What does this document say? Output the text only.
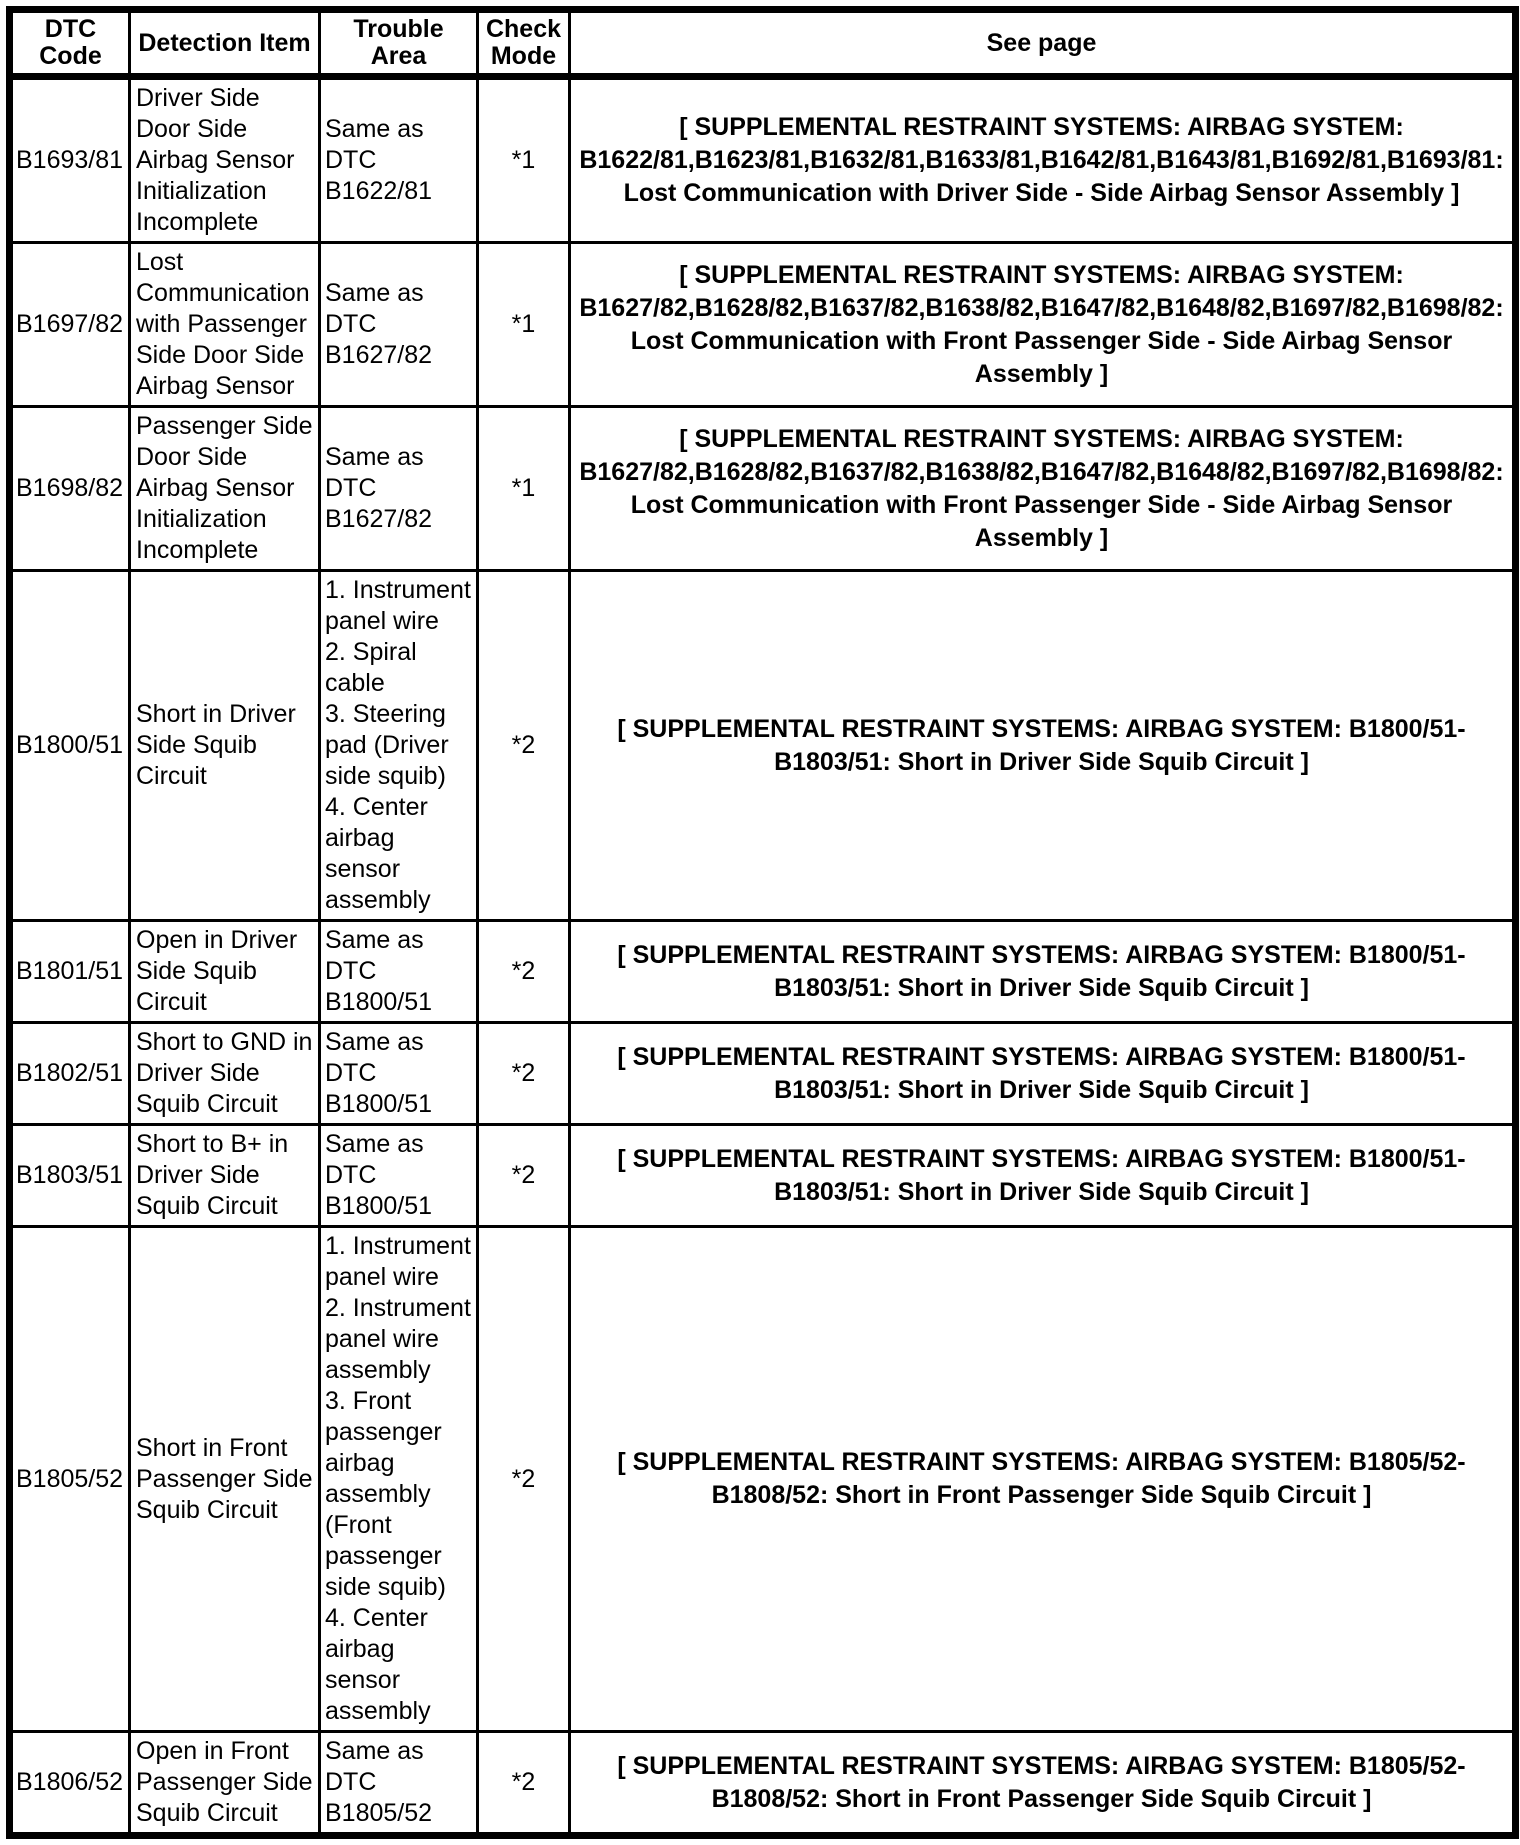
DTC Code	Detection Item	Trouble Area	Check Mode	See page
B1693/81	Driver Side Door Side Airbag Sensor Initialization Incomplete	Same as DTC B1622/81	*1	[ SUPPLEMENTAL RESTRAINT SYSTEMS: AIRBAG SYSTEM: B1622/81,B1623/81,B1632/81,B1633/81,B1642/81,B1643/81,B1692/81,B1693/81: Lost Communication with Driver Side - Side Airbag Sensor Assembly ]
B1697/82	Lost Communication with Passenger Side Door Side Airbag Sensor	Same as DTC B1627/82	*1	[ SUPPLEMENTAL RESTRAINT SYSTEMS: AIRBAG SYSTEM: B1627/82,B1628/82,B1637/82,B1638/82,B1647/82,B1648/82,B1697/82,B1698/82: Lost Communication with Front Passenger Side - Side Airbag Sensor Assembly ]
B1698/82	Passenger Side Door Side Airbag Sensor Initialization Incomplete	Same as DTC B1627/82	*1	[ SUPPLEMENTAL RESTRAINT SYSTEMS: AIRBAG SYSTEM: B1627/82,B1628/82,B1637/82,B1638/82,B1647/82,B1648/82,B1697/82,B1698/82: Lost Communication with Front Passenger Side - Side Airbag Sensor Assembly ]
B1800/51	Short in Driver Side Squib Circuit	1. Instrument panel wire
2. Spiral cable
3. Steering pad (Driver side squib)
4. Center airbag sensor assembly	*2	[ SUPPLEMENTAL RESTRAINT SYSTEMS: AIRBAG SYSTEM: B1800/51-B1803/51: Short in Driver Side Squib Circuit ]
B1801/51	Open in Driver Side Squib Circuit	Same as DTC B1800/51	*2	[ SUPPLEMENTAL RESTRAINT SYSTEMS: AIRBAG SYSTEM: B1800/51-B1803/51: Short in Driver Side Squib Circuit ]
B1802/51	Short to GND in Driver Side Squib Circuit	Same as DTC B1800/51	*2	[ SUPPLEMENTAL RESTRAINT SYSTEMS: AIRBAG SYSTEM: B1800/51-B1803/51: Short in Driver Side Squib Circuit ]
B1803/51	Short to B+ in Driver Side Squib Circuit	Same as DTC B1800/51	*2	[ SUPPLEMENTAL RESTRAINT SYSTEMS: AIRBAG SYSTEM: B1800/51-B1803/51: Short in Driver Side Squib Circuit ]
B1805/52	Short in Front Passenger Side Squib Circuit	1. Instrument panel wire
2. Instrument panel wire assembly
3. Front passenger airbag assembly (Front passenger side squib)
4. Center airbag sensor assembly	*2	[ SUPPLEMENTAL RESTRAINT SYSTEMS: AIRBAG SYSTEM: B1805/52-B1808/52: Short in Front Passenger Side Squib Circuit ]
B1806/52	Open in Front Passenger Side Squib Circuit	Same as DTC B1805/52	*2	[ SUPPLEMENTAL RESTRAINT SYSTEMS: AIRBAG SYSTEM: B1805/52-B1808/52: Short in Front Passenger Side Squib Circuit ]
